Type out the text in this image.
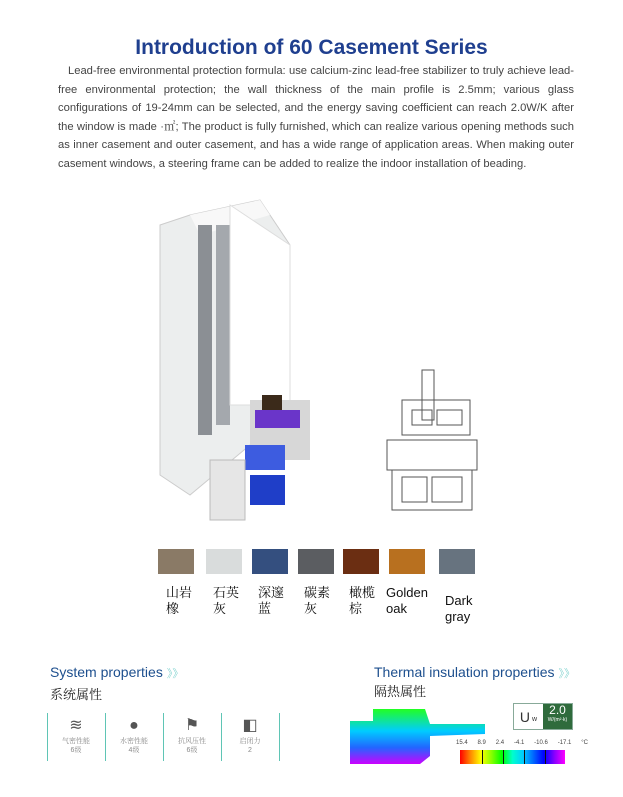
Introduction of 60 Casement Series
Lead-free environmental protection formula: use calcium-zinc lead-free stabilizer to truly achieve lead-free environmental protection; the wall thickness of the main profile is 2.5mm; various glass configurations of 19-24mm can be selected, and the energy saving coefficient can reach 2.0W/K after the window is made ·㎡; The product is fully furnished, which can realize various opening methods such as inner casement and outer casement, and has a wide range of application areas. When making outer casement windows, a steering frame can be added to realize the indoor installation of beading.
山岩橡
石英灰
深邃蓝
碳素灰
橄榄棕
Golden oak
Dark gray
System properties 》》
系统属性
≋
气密性能
6级
●
水密性能
4级
⚑
抗风压性
6级
◧
启闭力
2
Thermal insulation properties 》》
隔热属性
U w
2.0
W/(m²·k)
15.4 8.9 2.4 -4.1 -10.6 -17.1 °C
